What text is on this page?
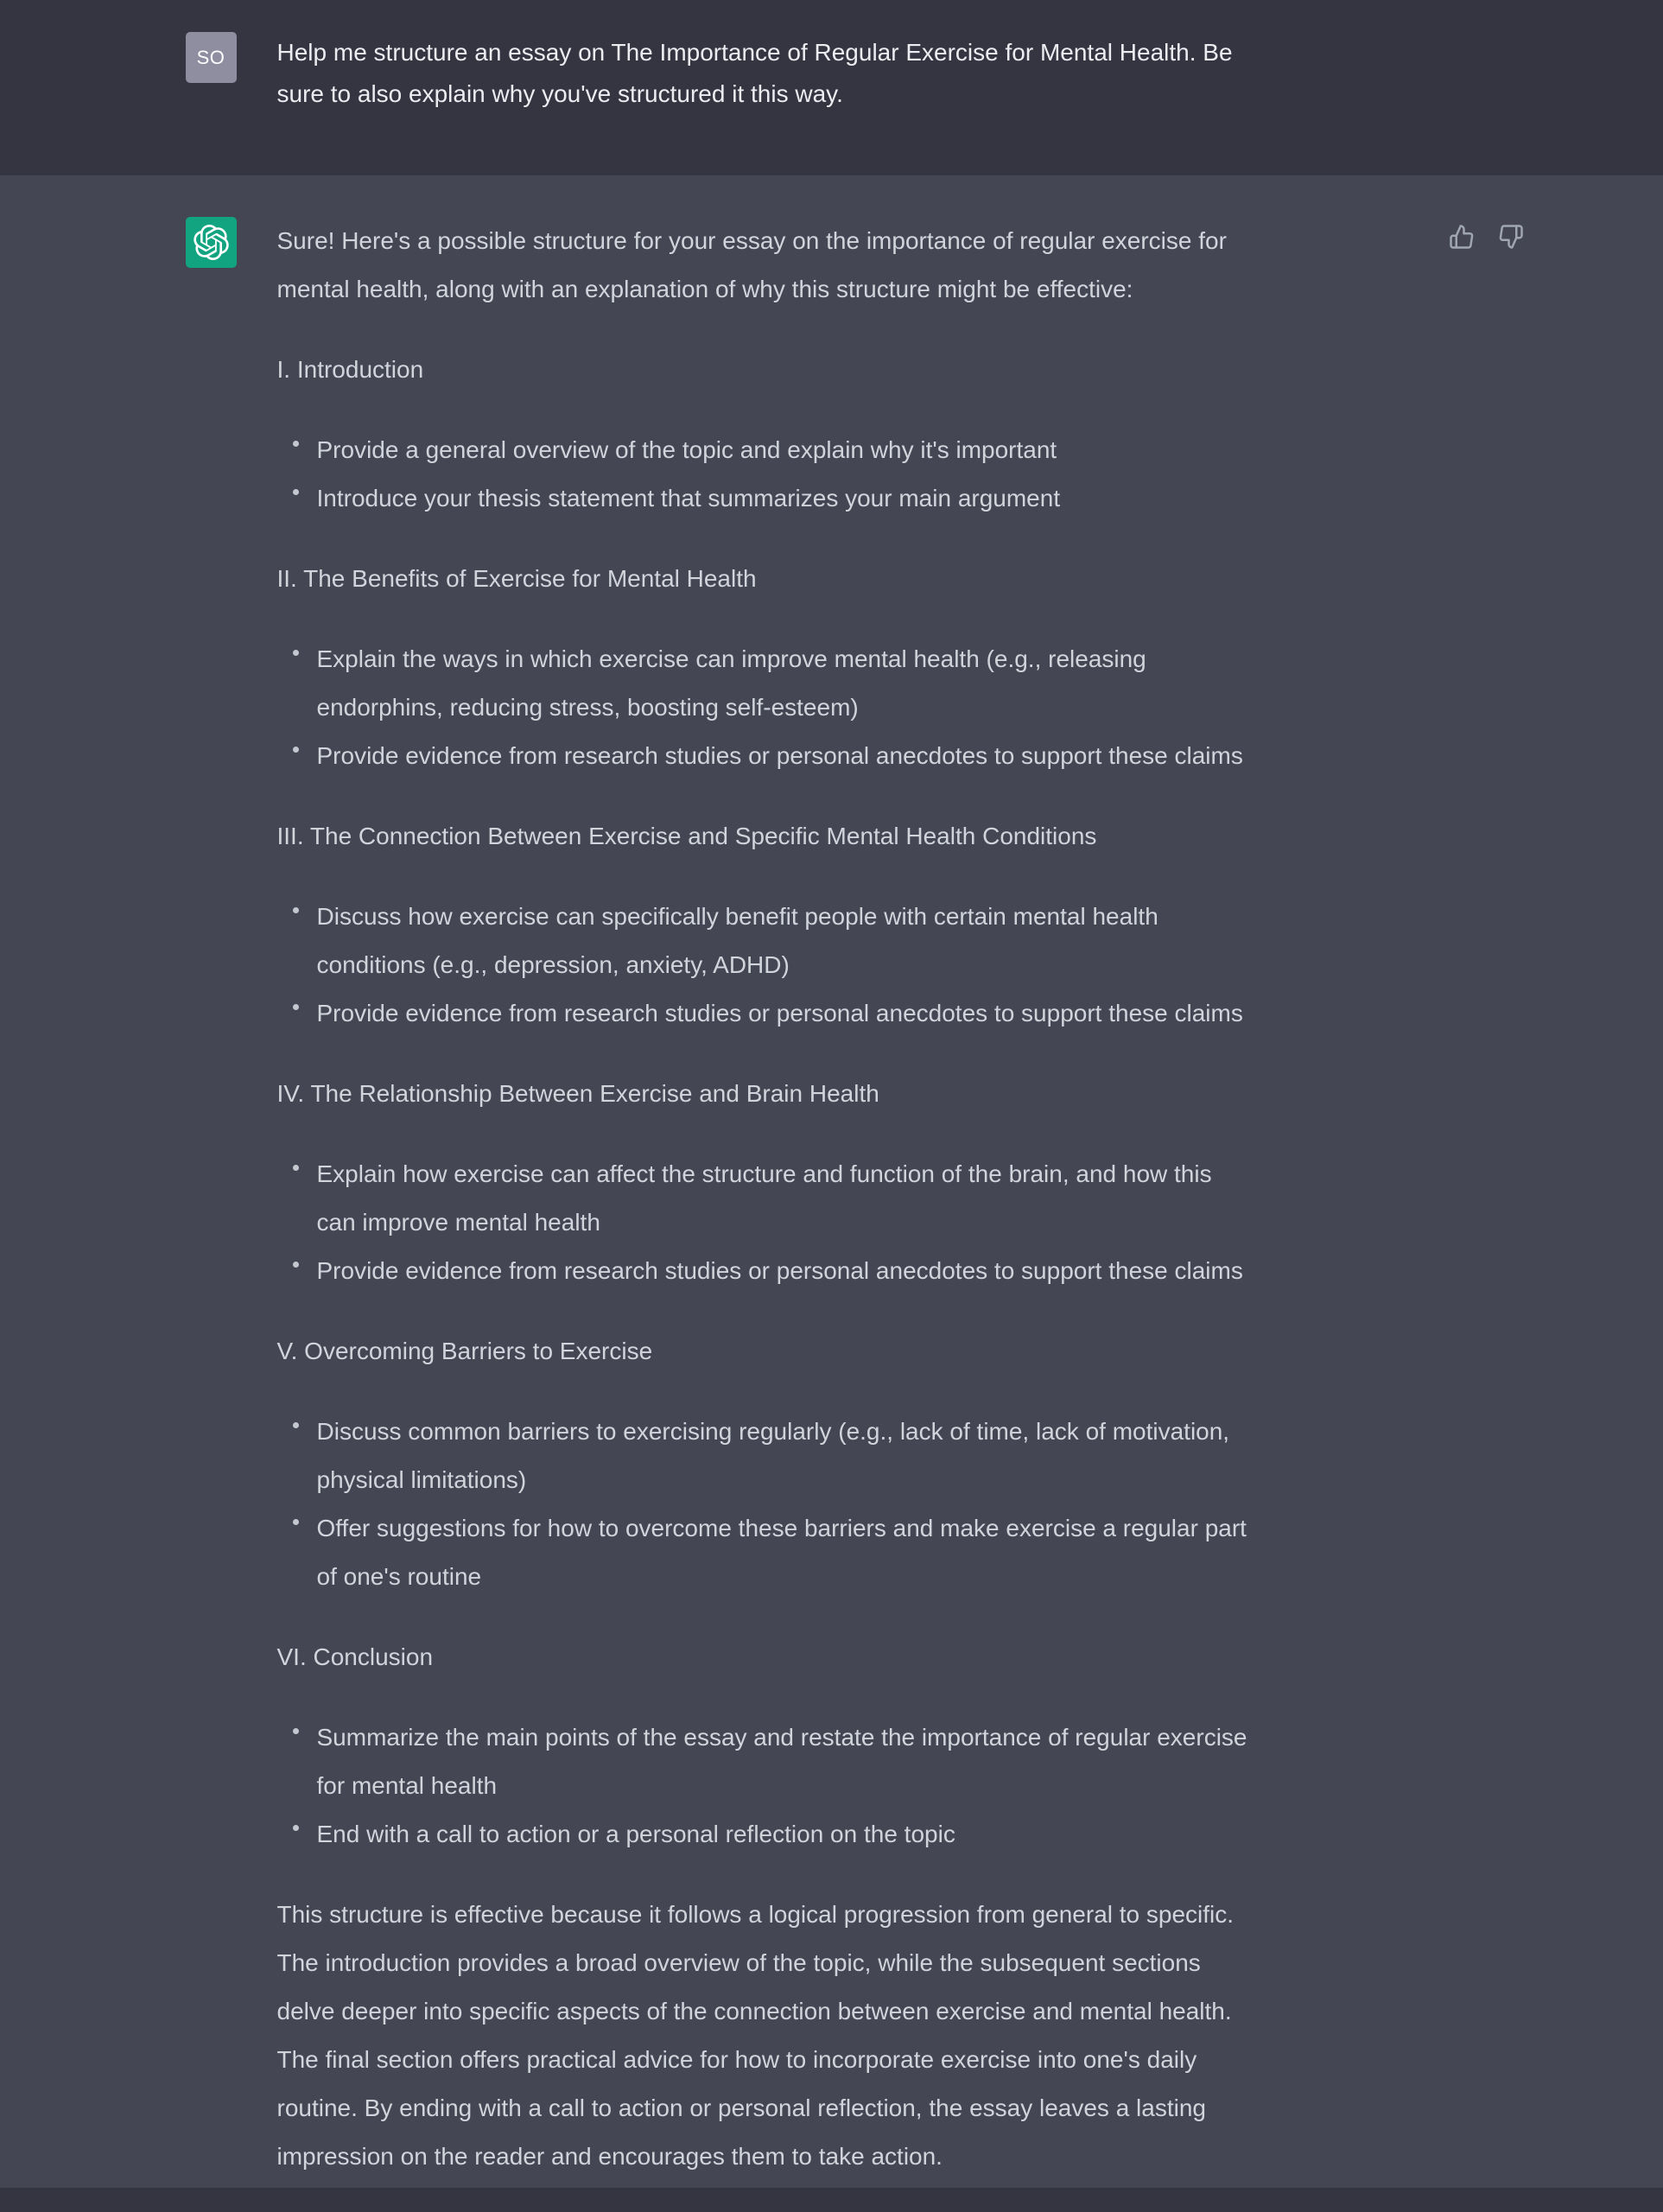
SO Help me structure an essay on The Importance of Regular Exercise for Mental Health. Be
sure to also explain why you've structured it this way.

Sure! Here's a possible structure for your essay on the importance of regular exercise for
mental health, along with an explanation of why this structure might be effective:

I. Introduction

Provide a general overview of the topic and explain why it's important
Introduce your thesis statement that summarizes your main argument

II. The Benefits of Exercise for Mental Health

Explain the ways in which exercise can improve mental health (e.g., releasing
endorphins, reducing stress, boosting self-esteem)
Provide evidence from research studies or personal anecdotes to support these claims

III. The Connection Between Exercise and Specific Mental Health Conditions

Discuss how exercise can specifically benefit people with certain mental health
conditions (e.g., depression, anxiety, ADHD)
Provide evidence from research studies or personal anecdotes to support these claims

IV. The Relationship Between Exercise and Brain Health

Explain how exercise can affect the structure and function of the brain, and how this
can improve mental health
Provide evidence from research studies or personal anecdotes to support these claims

V. Overcoming Barriers to Exercise

Discuss common barriers to exercising regularly (e.g., lack of time, lack of motivation,
physical limitations)
Offer suggestions for how to overcome these barriers and make exercise a regular part
of one's routine

VI. Conclusion

Summarize the main points of the essay and restate the importance of regular exercise
for mental health
End with a call to action or a personal reflection on the topic

This structure is effective because it follows a logical progression from general to specific.
The introduction provides a broad overview of the topic, while the subsequent sections
delve deeper into specific aspects of the connection between exercise and mental health.
The final section offers practical advice for how to incorporate exercise into one's daily
routine. By ending with a call to action or personal reflection, the essay leaves a lasting
impression on the reader and encourages them to take action.
